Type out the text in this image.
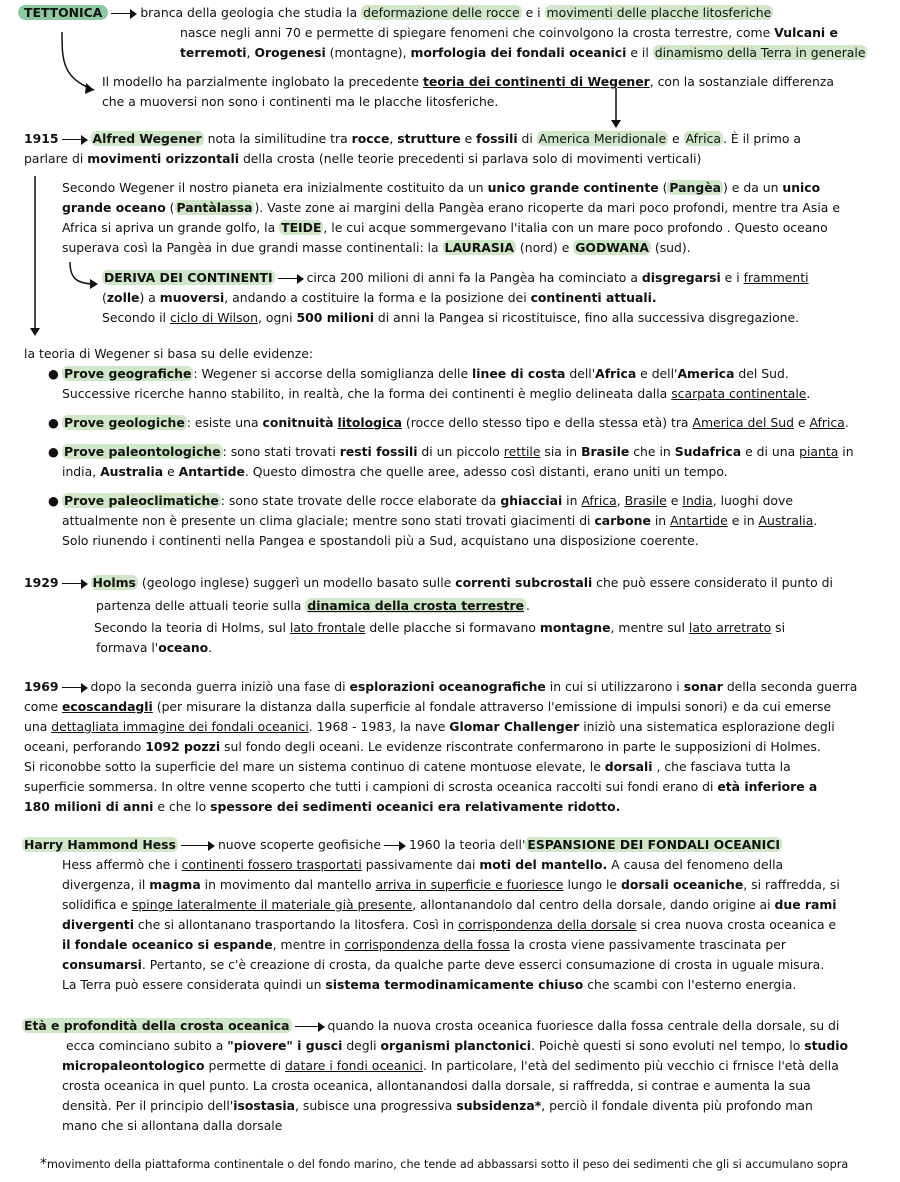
TETTONICA	branca della geologia che studia la deformazione delle rocce e i movimenti delle placche litosferiche
nasce negli anni 70 e permette di spiegare fenomeni che coinvolgono la crosta terrestre, come Vulcani e
terremoti, Orogenesi (montagne), morfologia dei fondali oceanici e il dinamismo della Terra in generale
Il modello ha parzialmente inglobato la precedente teoria dei continenti di Wegener, con la sostanziale differenza
che a muoversi non sono i continenti ma le placche litosferiche.
1915	Alfred Wegener nota la similitudine tra rocce, strutture e fossili di America Meridionale e Africa . È il primo a
parlare di movimenti orizzontali della crosta (nelle teorie precedenti si parlava solo di movimenti verticali)
Secondo Wegener il nostro pianeta era inizialmente costituito da un unico grande continente ( Pangèa ) e da un unico
grande oceano ( Pantàlassa ). Vaste zone ai margini della Pangèa erano ricoperte da mari poco profondi, mentre tra Asia e
Africa si apriva un grande golfo, la TEIDE , le cui acque sommergevano l'italia con un mare poco profondo . Questo oceano
superava così la Pangèa in due grandi masse continentali: la LAURASIA (nord) e GODWANA (sud).
DERIVA DEI CONTINENTI	circa 200 milioni di anni fa la Pangèa ha cominciato a disgregarsi e i frammenti
(zolle) a muoversi, andando a costituire la forma e la posizione dei continenti attuali.
Secondo il ciclo di Wilson, ogni 500 milioni di anni la Pangea si ricostituisce, fino alla successiva disgregazione.
la teoria di Wegener si basa su delle evidenze:
● Prove geografiche : Wegener si accorse della somiglianza delle linee di costa dell'Africa e dell'America del Sud.
Successive ricerche hanno stabilito, in realtà, che la forma dei continenti è meglio delineata dalla scarpata continentale.
● Prove geologiche : esiste una conitnuità litologica (rocce dello stesso tipo e della stessa età) tra America del Sud e Africa.
● Prove paleontologiche : sono stati trovati resti fossili di un piccolo rettile sia in Brasile che in Sudafrica e di una pianta in
india, Australia e Antartide. Questo dimostra che quelle aree, adesso così distanti, erano uniti un tempo.
● Prove paleoclimatiche : sono state trovate delle rocce elaborate da ghiacciai in Africa, Brasile e India, luoghi dove
attualmente non è presente un clima glaciale; mentre sono stati trovati giacimenti di carbone in Antartide e in Australia.
Solo riunendo i continenti nella Pangea e spostandoli più a Sud, acquistano una disposizione coerente.
1929	Holms (geologo inglese) suggerì un modello basato sulle correnti subcrostali che può essere considerato il punto di
partenza delle attuali teorie sulla dinamica della crosta terrestre .
Secondo la teoria di Holms, sul lato frontale delle placche si formavano montagne, mentre sul lato arretrato si
formava l'oceano.
1969	dopo la seconda guerra iniziò una fase di esplorazioni oceanografiche in cui si utilizzarono i sonar della seconda guerra
come ecoscandagli (per misurare la distanza dalla superficie al fondale attraverso l'emissione di impulsi sonori) e da cui emerse
una dettagliata immagine dei fondali oceanici. 1968 - 1983, la nave Glomar Challenger iniziò una sistematica esplorazione degli
oceani, perforando 1092 pozzi sul fondo degli oceani. Le evidenze riscontrate confermarono in parte le supposizioni di Holmes.
Si riconobbe sotto la superficie del mare un sistema continuo di catene montuose elevate, le dorsali , che fasciava tutta la
superficie sommersa. In oltre venne scoperto che tutti i campioni di scrosta oceanica raccolti sui fondi erano di età inferiore a
180 milioni di anni e che lo spessore dei sedimenti oceanici era relativamente ridotto.
Harry Hammond Hess	nuove scoperte geofisiche 1960 la teoria dell' ESPANSIONE DEI FONDALI OCEANICI
Hess affermò che i continenti fossero trasportati passivamente dai moti del mantello. A causa del fenomeno della
divergenza, il magma in movimento dal mantello arriva in superficie e fuoriesce lungo le dorsali oceaniche, si raffredda, si
solidifica e spinge lateralmente il materiale già presente, allontanandolo dal centro della dorsale, dando origine ai due rami
divergenti che si allontanano trasportando la litosfera. Così in corrispondenza della dorsale si crea nuova crosta oceanica e
il fondale oceanico si espande, mentre in corrispondenza della fossa la crosta viene passivamente trascinata per
consumarsi. Pertanto, se c'è creazione di crosta, da qualche parte deve esserci consumazione di crosta in uguale misura.
La Terra può essere considerata quindi un sistema termodinamicamente chiuso che scambi con l'esterno energia.
Età e profondità della crosta oceanica	quando la nuova crosta oceanica fuoriesce dalla fossa centrale della dorsale, su di
ecca cominciano subito a "piovere" i gusci degli organismi planctonici. Poichè questi si sono evoluti nel tempo, lo studio
micropaleontologico permette di datare i fondi oceanici. In particolare, l'età del sedimento più vecchio ci frnisce l'età della
crosta oceanica in quel punto. La crosta oceanica, allontanandosi dalla dorsale, si raffredda, si contrae e aumenta la sua
densità. Per il principio dell'isostasia, subisce una progressiva subsidenza*, perciò il fondale diventa più profondo man
mano che si allontana dalla dorsale
*movimento della piattaforma continentale o del fondo marino, che tende ad abbassarsi sotto il peso dei sedimenti che gli si accumulano sopra
